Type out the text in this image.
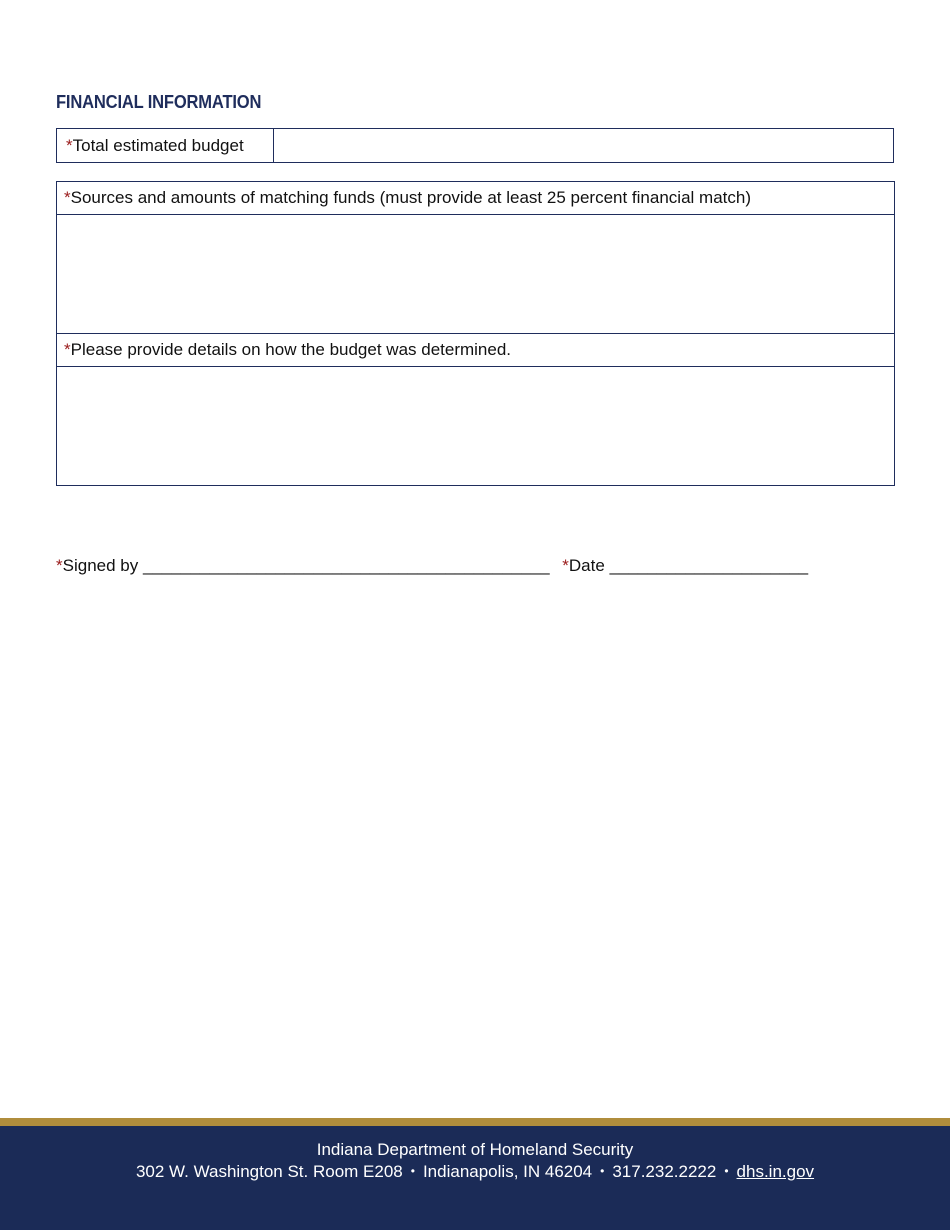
FINANCIAL INFORMATION
*Total estimated budget
*Sources and amounts of matching funds (must provide at least 25 percent financial match)
*Please provide details on how the budget was determined.
*Signed by ___________________________________________ *Date _____________________
Indiana Department of Homeland Security
302 W. Washington St. Room E208 • Indianapolis, IN 46204 • 317.232.2222 • dhs.in.gov
